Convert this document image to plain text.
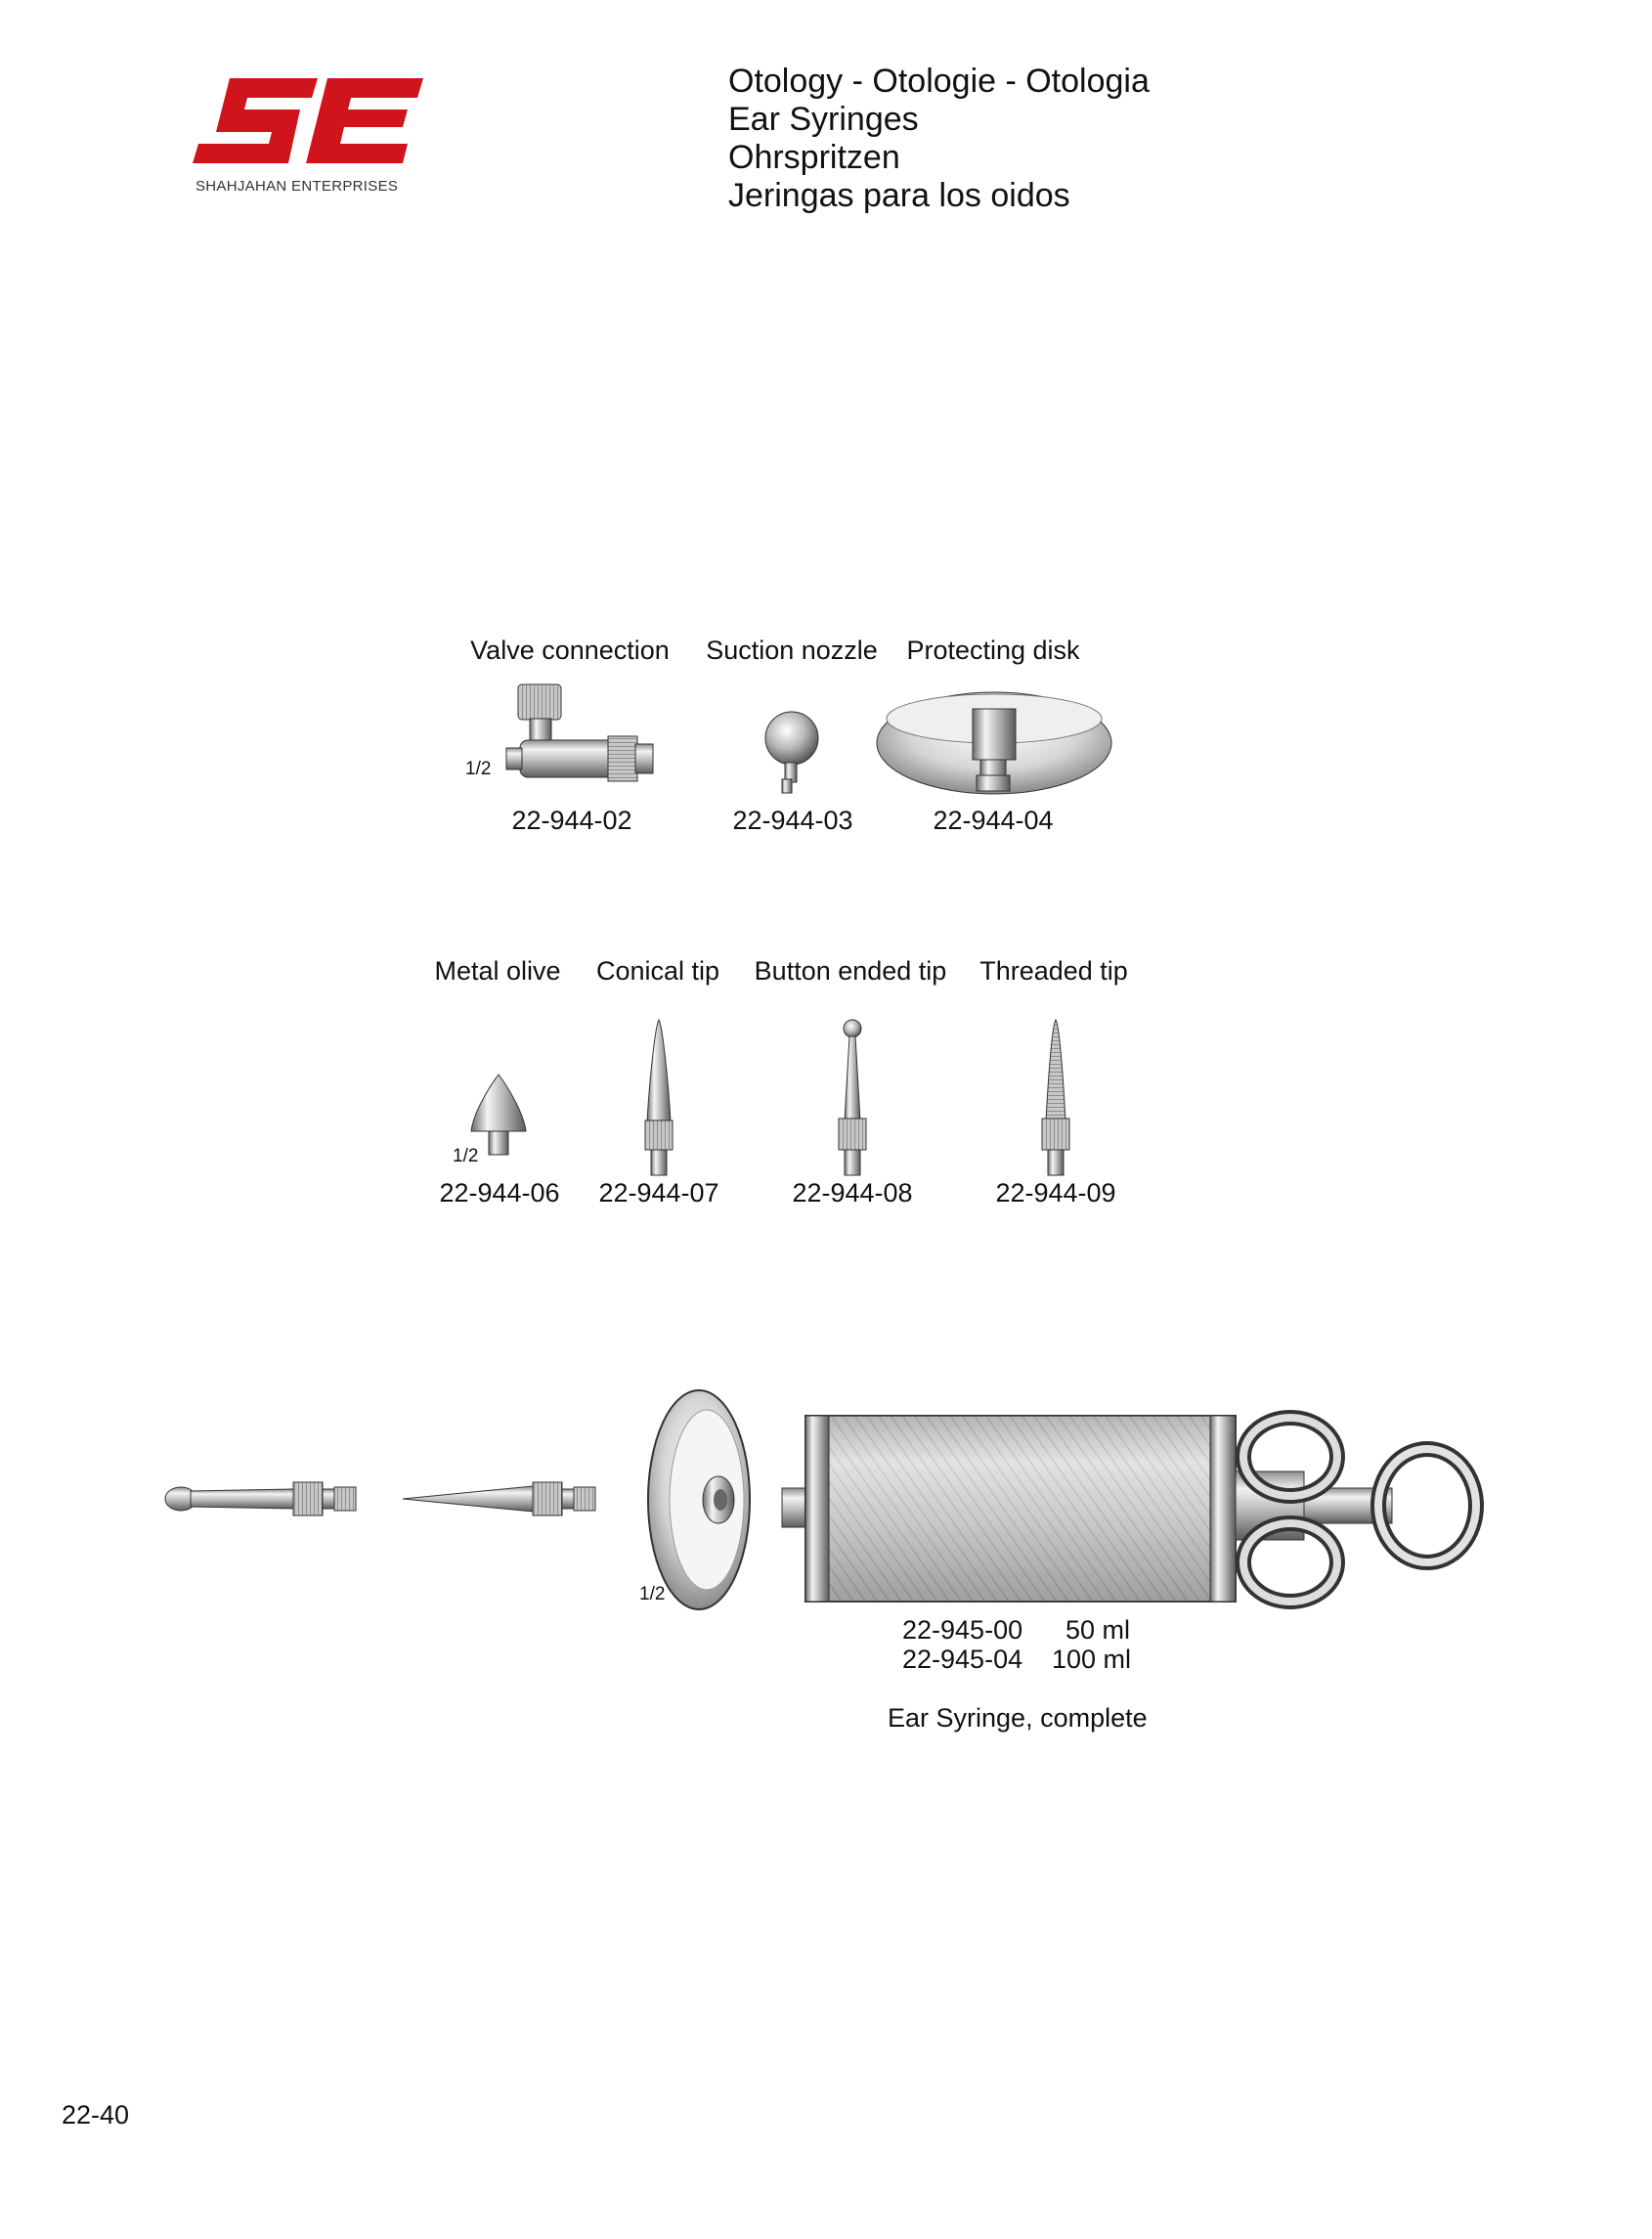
SHAHJAHAN ENTERPRISES
Otology - Otologie - Otologia
Ear Syringes
Ohrspritzen
Jeringas para los oidos
Valve connection Suction nozzle Protecting disk
1/2
22-944-02	22-944-03	22-944-04
Metal olive Conical tip Button ended tip Threaded tip
1/2
22-944-06 22-944-07	22-944-08	22-944-09
1/2
22-945-00 50 ml
22-945-04 100 ml
Ear Syringe, complete
22-40
